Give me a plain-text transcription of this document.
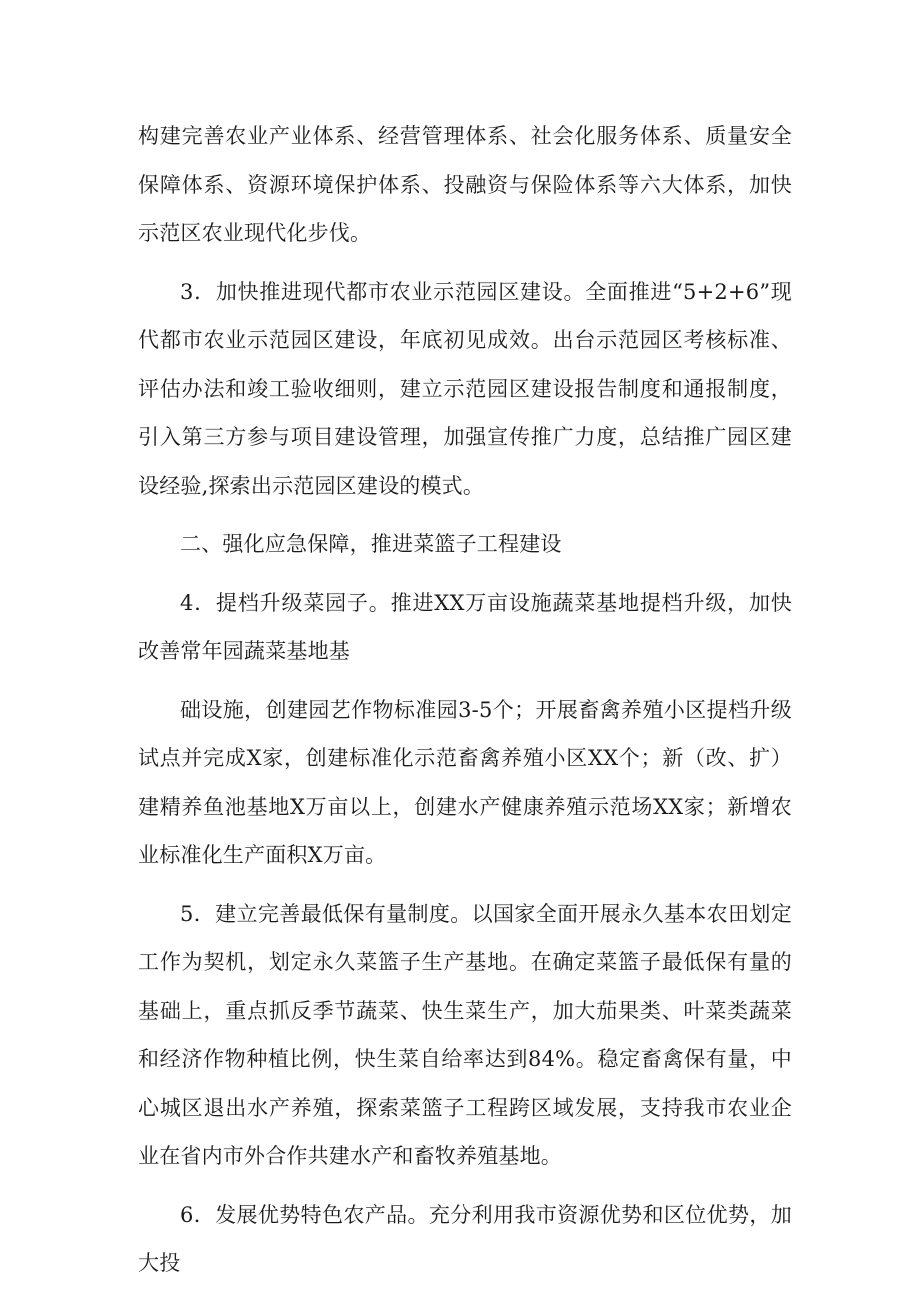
构建完善农业产业体系、经营管理体系、社会化服务体系、质量安全保障体系、资源环境保护体系、投融资与保险体系等六大体系，加快示范区农业现代化步伐。

3．加快推进现代都市农业示范园区建设。全面推进“5+2+6”现代都市农业示范园区建设，年底初见成效。出台示范园区考核标准、评估办法和竣工验收细则，建立示范园区建设报告制度和通报制度，引入第三方参与项目建设管理，加强宣传推广力度，总结推广园区建设经验,探索出示范园区建设的模式。

二、强化应急保障，推进菜篮子工程建设

4．提档升级菜园子。推进XX万亩设施蔬菜基地提档升级，加快改善常年园蔬菜基地基

础设施，创建园艺作物标准园3-5个；开展畜禽养殖小区提档升级试点并完成X家，创建标准化示范畜禽养殖小区XX个；新（改、扩）建精养鱼池基地X万亩以上，创建水产健康养殖示范场XX家；新增农业标准化生产面积X万亩。

5．建立完善最低保有量制度。以国家全面开展永久基本农田划定工作为契机，划定永久菜篮子生产基地。在确定菜篮子最低保有量的基础上，重点抓反季节蔬菜、快生菜生产，加大茄果类、叶菜类蔬菜和经济作物种植比例，快生菜自给率达到84%。稳定畜禽保有量，中心城区退出水产养殖，探索菜篮子工程跨区域发展，支持我市农业企业在省内市外合作共建水产和畜牧养殖基地。

6．发展优势特色农产品。充分利用我市资源优势和区位优势，加大投
